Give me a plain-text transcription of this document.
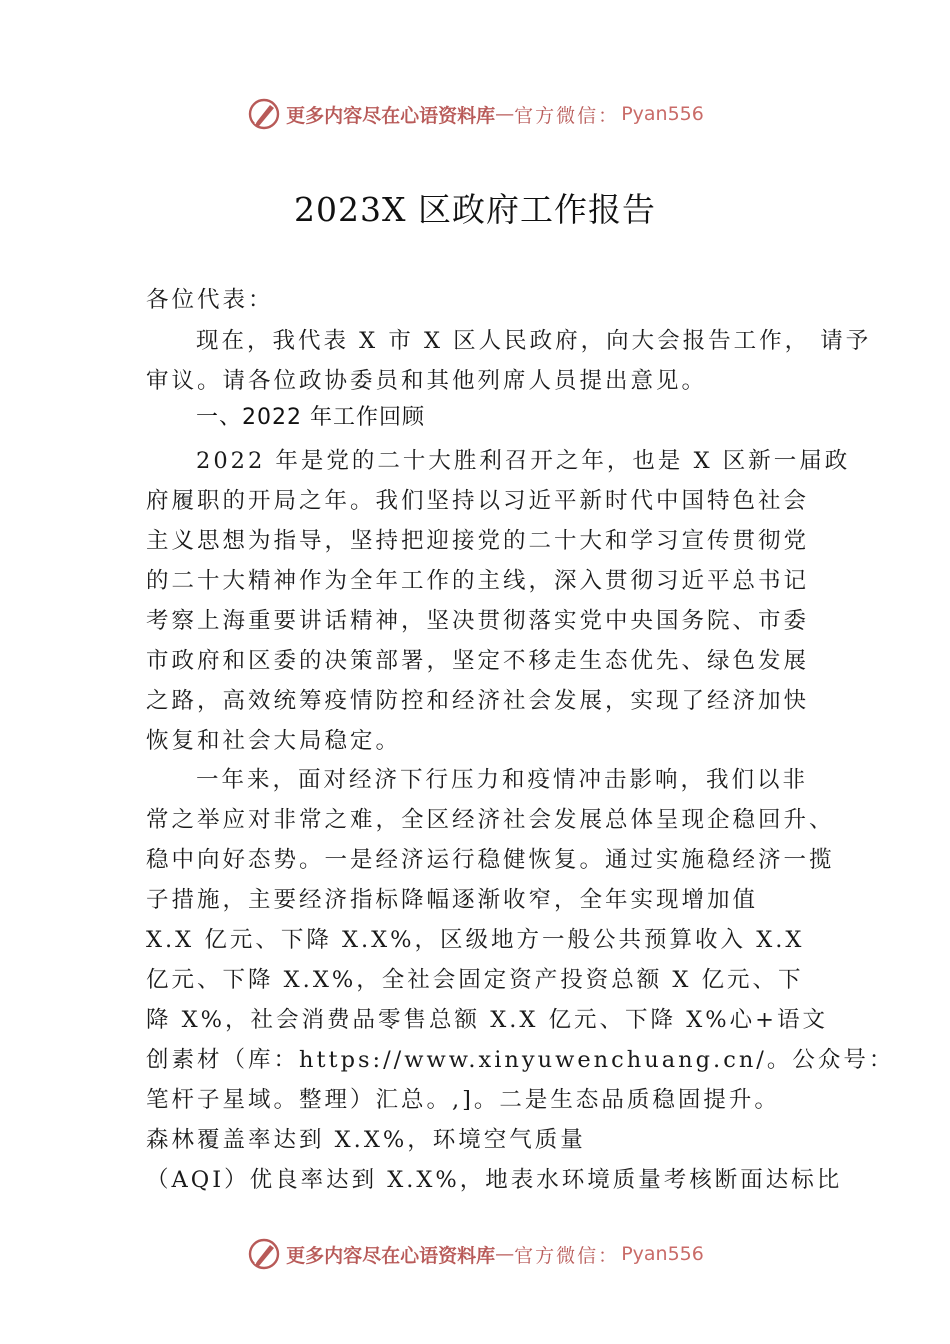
更多内容尽在心语资料库 — 官方微信： Pyan556
2023X 区政府工作报告
各位代表：
现在，我代表 X 市 X 区人民政府，向大会报告工作， 请予
审议。请各位政协委员和其他列席人员提出意见。
一、2022 年工作回顾
2022 年是党的二十大胜利召开之年，也是 X 区新一届政
府履职的开局之年。我们坚持以习近平新时代中国特色社会
主义思想为指导，坚持把迎接党的二十大和学习宣传贯彻党
的二十大精神作为全年工作的主线，深入贯彻习近平总书记
考察上海重要讲话精神，坚决贯彻落实党中央国务院、市委
市政府和区委的决策部署，坚定不移走生态优先、绿色发展
之路，高效统筹疫情防控和经济社会发展，实现了经济加快
恢复和社会大局稳定。
一年来，面对经济下行压力和疫情冲击影响，我们以非
常之举应对非常之难，全区经济社会发展总体呈现企稳回升、
稳中向好态势。一是经济运行稳健恢复。通过实施稳经济一揽
子措施，主要经济指标降幅逐渐收窄，全年实现增加值
X.X 亿元、下降 X.X%，区级地方一般公共预算收入 X.X
亿元、下降 X.X%，全社会固定资产投资总额 X 亿元、下
降 X%，社会消费品零售总额 X.X 亿元、下降 X%心+语文
创素材（库：https://www.xinyuwenchuang.cn/。公众号：
笔杆子星域。整理）汇总。,]。二是生态品质稳固提升。
森林覆盖率达到 X.X%，环境空气质量
（AQI）优良率达到 X.X%，地表水环境质量考核断面达标比
更多内容尽在心语资料库 — 官方微信： Pyan556
